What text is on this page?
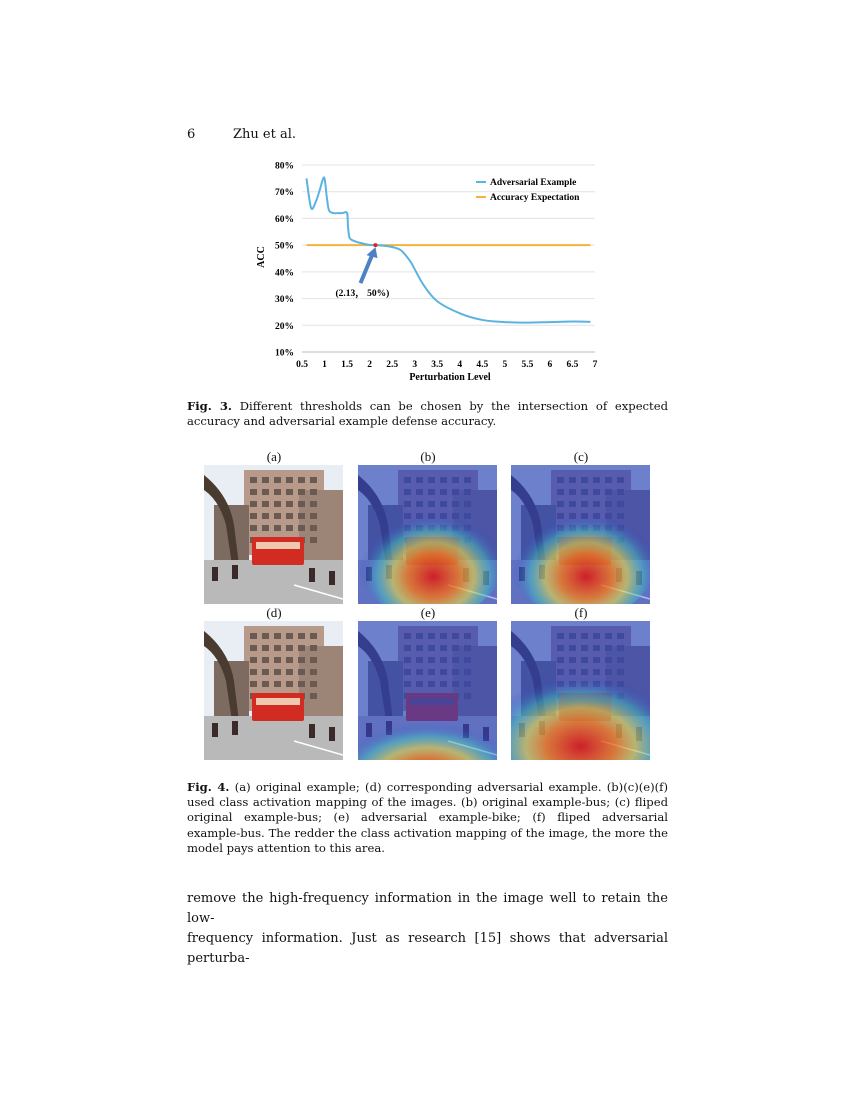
6	Zhu et al.
10%
20%
30%
40%
50%
60%
70%
80%
0.5 1 1.5 2 2.5 3 3.5 4 4.5 5 5.5 6 6.5 7
ACC
Perturbation Level
Adversarial Example
Accuracy Expectation
(2.13， 50%)
Fig. 3. Different thresholds can be chosen by the intersection of expected accuracy and adversarial example defense accuracy.
(a)	(b)	(c)
(d)	(e)	(f)
Fig. 4. (a) original example; (d) corresponding adversarial example. (b)(c)(e)(f) used class activation mapping of the images. (b) original example-bus; (c) fliped original example-bus; (e) adversarial example-bike; (f) fliped adversarial example-bus. The redder the class activation mapping of the image, the more the model pays attention to this area.
remove the high-frequency information in the image well to retain the low-
frequency information. Just as research [15] shows that adversarial perturba-
